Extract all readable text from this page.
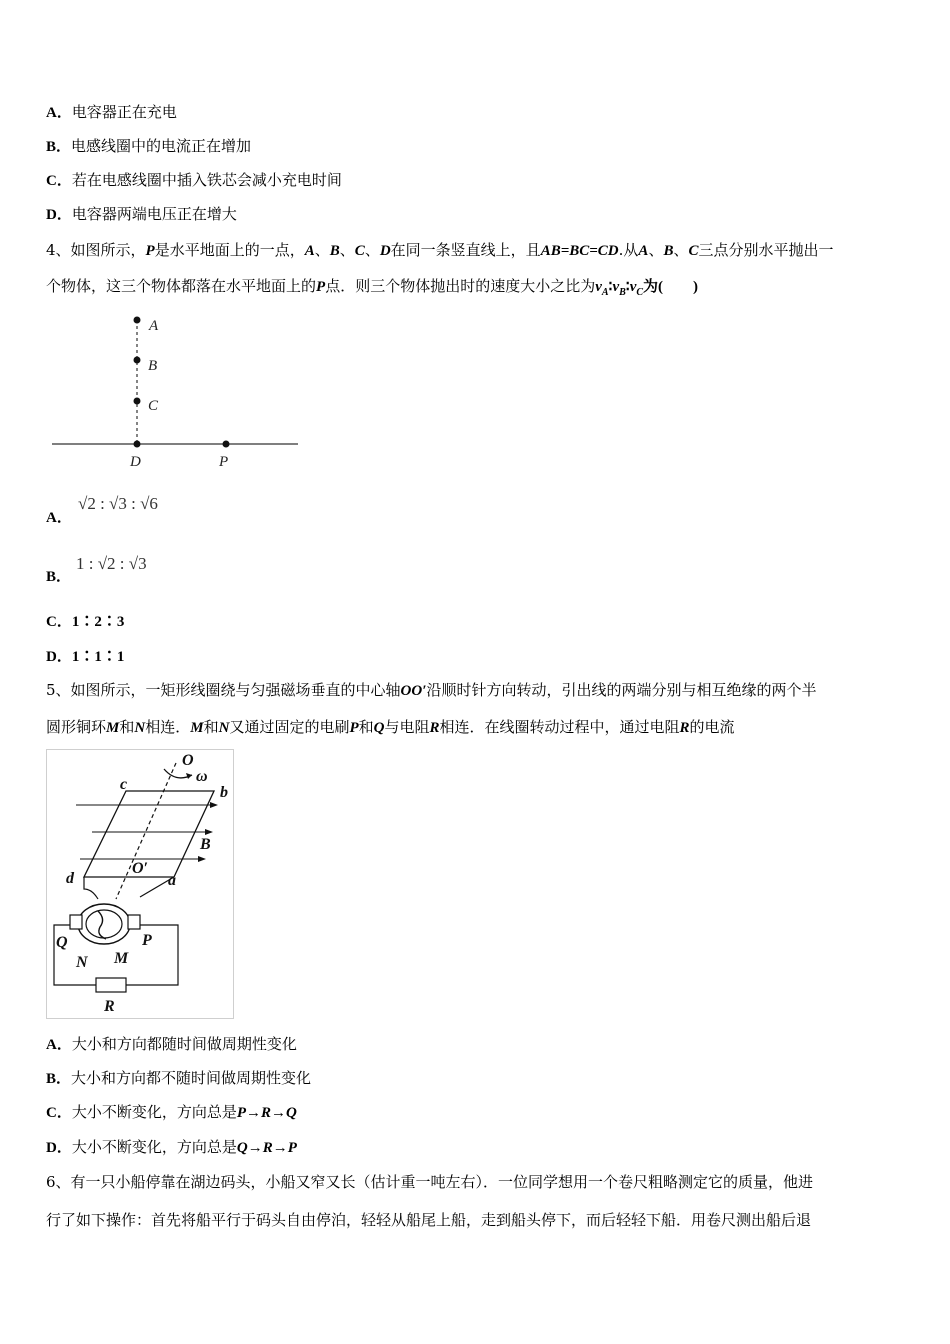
A．电容器正在充电
B．电感线圈中的电流正在增加
C．若在电感线圈中插入铁芯会减小充电时间
D．电容器两端电压正在增大
4、如图所示，P是水平地面上的一点，A、B、C、D在同一条竖直线上，且AB=BC=CD.从A、B、C三点分别水平抛出一
个物体，这三个物体都落在水平地面上的P点．则三个物体抛出时的速度大小之比为$v_A∶v_B∶v_C$为(　　)
A
B
C
D	P
A．
√2 : √3 : √6
B．
1 : √2 : √3
C．1∶2∶3
D．1∶1∶1
5、如图所示，一矩形线圈绕与匀强磁场垂直的中心轴OO′沿顺时针方向转动，引出线的两端分别与相互绝缘的两个半
圆形铜环M和N相连．M和N又通过固定的电刷P和Q与电阻R相连．在线圈转动过程中，通过电阻R的电流
O
ω
c	b
B
d
O′
a
Q	P
N M
R
A．大小和方向都随时间做周期性变化
B．大小和方向都不随时间做周期性变化
C．大小不断变化，方向总是P→R→Q
D．大小不断变化，方向总是Q→R→P
6、有一只小船停靠在湖边码头，小船又窄又长（估计重一吨左右）．一位同学想用一个卷尺粗略测定它的质量，他进
行了如下操作：首先将船平行于码头自由停泊，轻轻从船尾上船，走到船头停下，而后轻轻下船．用卷尺测出船后退
